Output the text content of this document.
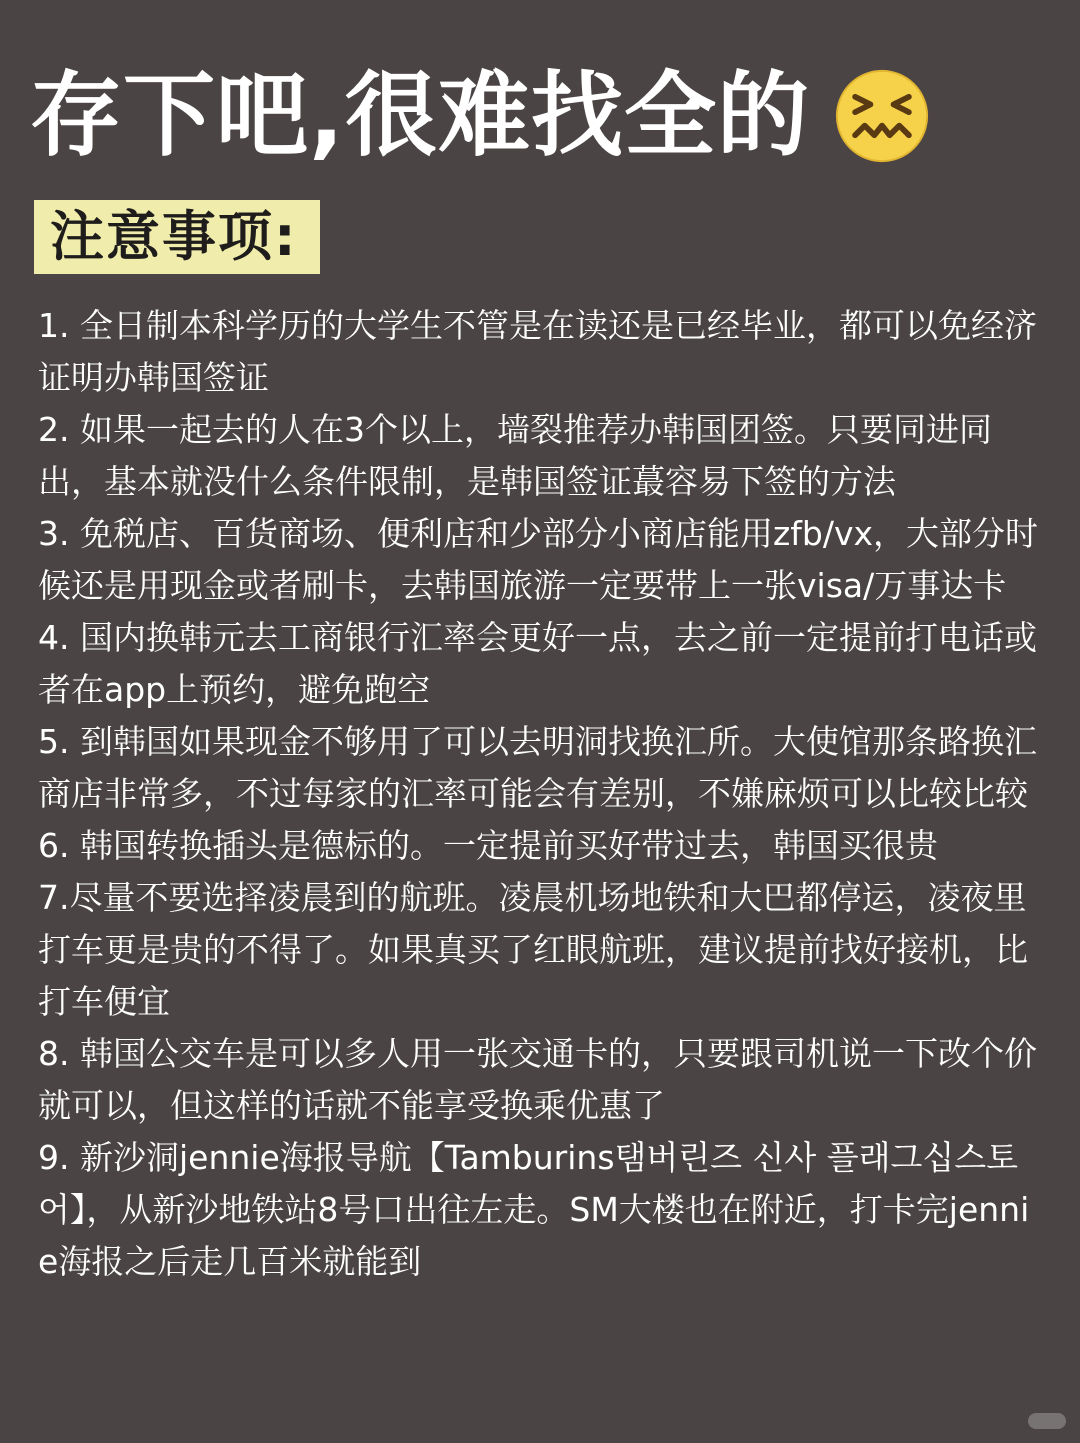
存下吧,很难找全的
注意事项:
1. 全日制本科学历的大学生不管是在读还是已经毕业，都可以免经济证明办韩国签证
2. 如果一起去的人在3个以上，墙裂推荐办韩国团签。只要同进同出，基本就没什么条件限制，是韩国签证蕞容易下签的方法
3. 免税店、百货商场、便利店和少部分小商店能用zfb/vx，大部分时候还是用现金或者刷卡，去韩国旅游一定要带上一张visa/万事达卡
4. 国内换韩元去工商银行汇率会更好一点，去之前一定提前打电话或者在app上预约，避免跑空
5. 到韩国如果现金不够用了可以去明洞找换汇所。大使馆那条路换汇商店非常多，不过每家的汇率可能会有差别，不嫌麻烦可以比较比较
6. 韩国转换插头是德标的。一定提前买好带过去，韩国买很贵
7.尽量不要选择凌晨到的航班。凌晨机场地铁和大巴都停运，凌夜里打车更是贵的不得了。如果真买了红眼航班，建议提前找好接机，比打车便宜
8. 韩国公交车是可以多人用一张交通卡的，只要跟司机说一下改个价就可以，但这样的话就不能享受换乘优惠了
9. 新沙洞jennie海报导航【Tamburins탬버린즈 신사 플래그십스토어】，从新沙地铁站8号口出往左走。SM大楼也在附近，打卡完jennie海报之后走几百米就能到
